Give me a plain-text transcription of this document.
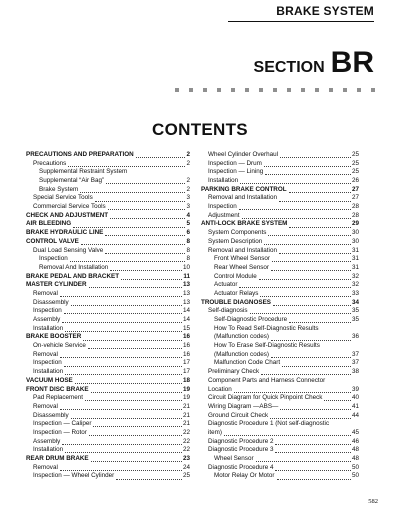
BRAKE SYSTEM
SECTION BR
CONTENTS
PRECAUTIONS AND PREPARATION	2
Precautions	2
Supplemental Restraint System
Supplemental “Air Bag”	2
Brake System	2
Special Service Tools	3
Commercial Service Tools	3
CHECK AND ADJUSTMENT	4
AIR BLEEDING	5
BRAKE HYDRAULIC LINE	6
CONTROL VALVE	8
Dual Load Sensing Valve	8
Inspection	8
Removal And Installation	10
BRAKE PEDAL AND BRACKET	11
MASTER CYLINDER	13
Removal	13
Disassembly	13
Inspection	14
Assembly	14
Installation	15
BRAKE BOOSTER	16
On-vehicle Service	16
Removal	16
Inspection	17
Installation	17
VACUUM HOSE	18
FRONT DISC BRAKE	19
Pad Replacement	19
Removal	21
Disassembly	21
Inspection — Caliper	21
Inspection — Rotor	22
Assembly	22
Installation	22
REAR DRUM BRAKE	23
Removal	24
Inspection — Wheel Cylinder	25
Wheel Cylinder Overhaul	25
Inspection — Drum	25
Inspection — Lining	25
Installation	26
PARKING BRAKE CONTROL	27
Removal and Installation	27
Inspection	28
Adjustment	28
ANTI-LOCK BRAKE SYSTEM	29
System Components	30
System Description	30
Removal and Installation	31
Front Wheel Sensor	31
Rear Wheel Sensor	31
Control Module	32
Actuator	32
Actuator Relays	33
TROUBLE DIAGNOSES	34
Self-diagnosis	35
Self-Diagnostic Procedure	35
How To Read Self-Diagnostic Results
(Malfunction codes)	36
How To Erase Self-Diagnostic Results
(Malfunction codes)	37
Malfunction Code Chart	37
Preliminary Check	38
Component Parts and Harness Connector
Location	39
Circuit Diagram for Quick Pinpoint Check	40
Wiring Diagram —ABS—	41
Ground Circuit Check	44
Diagnostic Procedure 1 (Not self-diagnostic
item)	45
Diagnostic Procedure 2	46
Diagnostic Procedure 3	48
Wheel Sensor	48
Diagnostic Procedure 4	50
Motor Relay Or Motor	50
582
